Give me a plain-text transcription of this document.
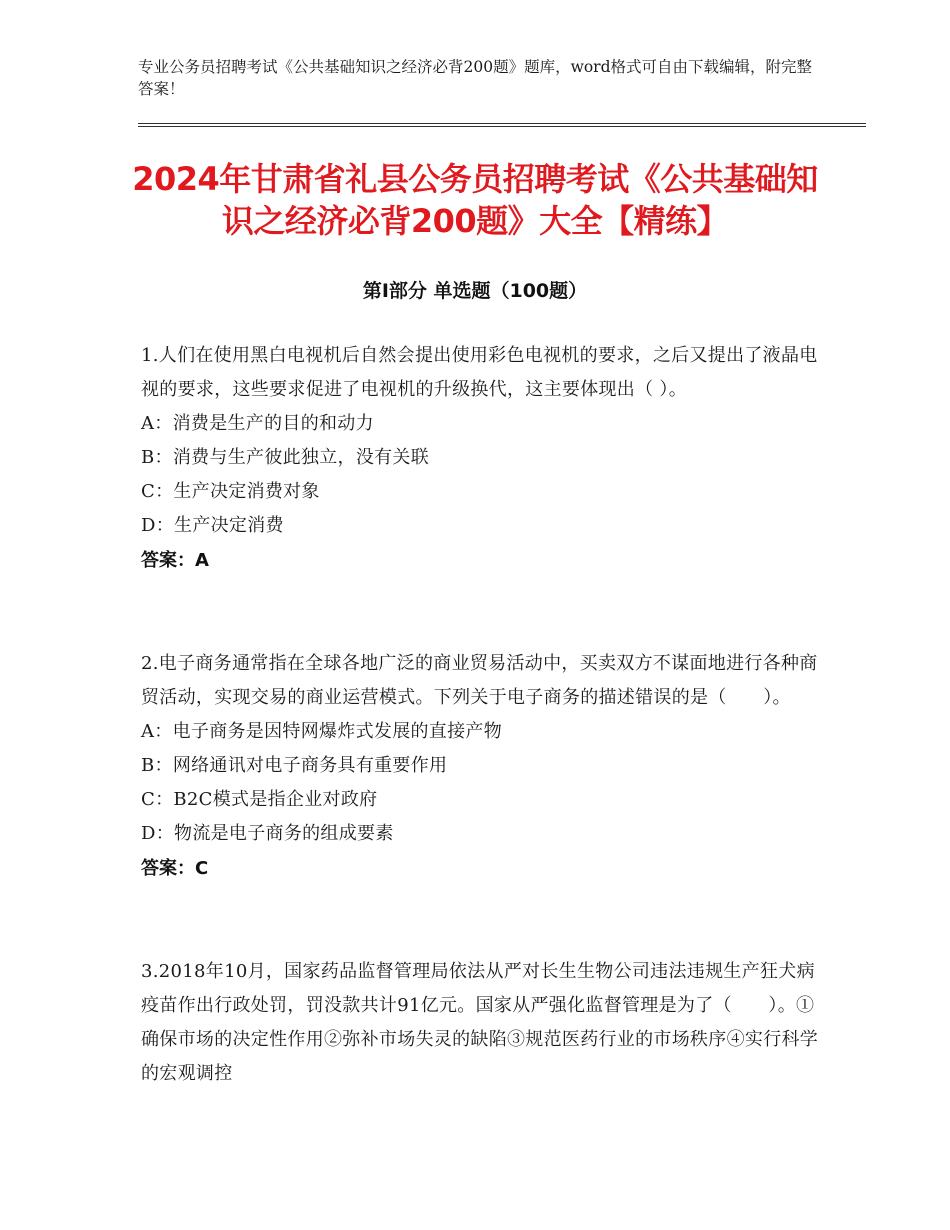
专业公务员招聘考试《公共基础知识之经济必背200题》题库，word格式可自由下载编辑，附完整答案！
2024年甘肃省礼县公务员招聘考试《公共基础知识之经济必背200题》大全【精练】
第Ⅰ部分 单选题（100题）
1.人们在使用黑白电视机后自然会提出使用彩色电视机的要求，之后又提出了液晶电视的要求，这些要求促进了电视机的升级换代，这主要体现出（ ）。
A：消费是生产的目的和动力
B：消费与生产彼此独立，没有关联
C：生产决定消费对象
D：生产决定消费
答案：A
2.电子商务通常指在全球各地广泛的商业贸易活动中，买卖双方不谋面地进行各种商贸活动，实现交易的商业运营模式。下列关于电子商务的描述错误的是（　　）。
A：电子商务是因特网爆炸式发展的直接产物
B：网络通讯对电子商务具有重要作用
C：B2C模式是指企业对政府
D：物流是电子商务的组成要素
答案：C
3.2018年10月，国家药品监督管理局依法从严对长生生物公司违法违规生产狂犬病疫苗作出行政处罚，罚没款共计91亿元。国家从严强化监督管理是为了（　　）。①确保市场的决定性作用②弥补市场失灵的缺陷③规范医药行业的市场秩序④实行科学的宏观调控
